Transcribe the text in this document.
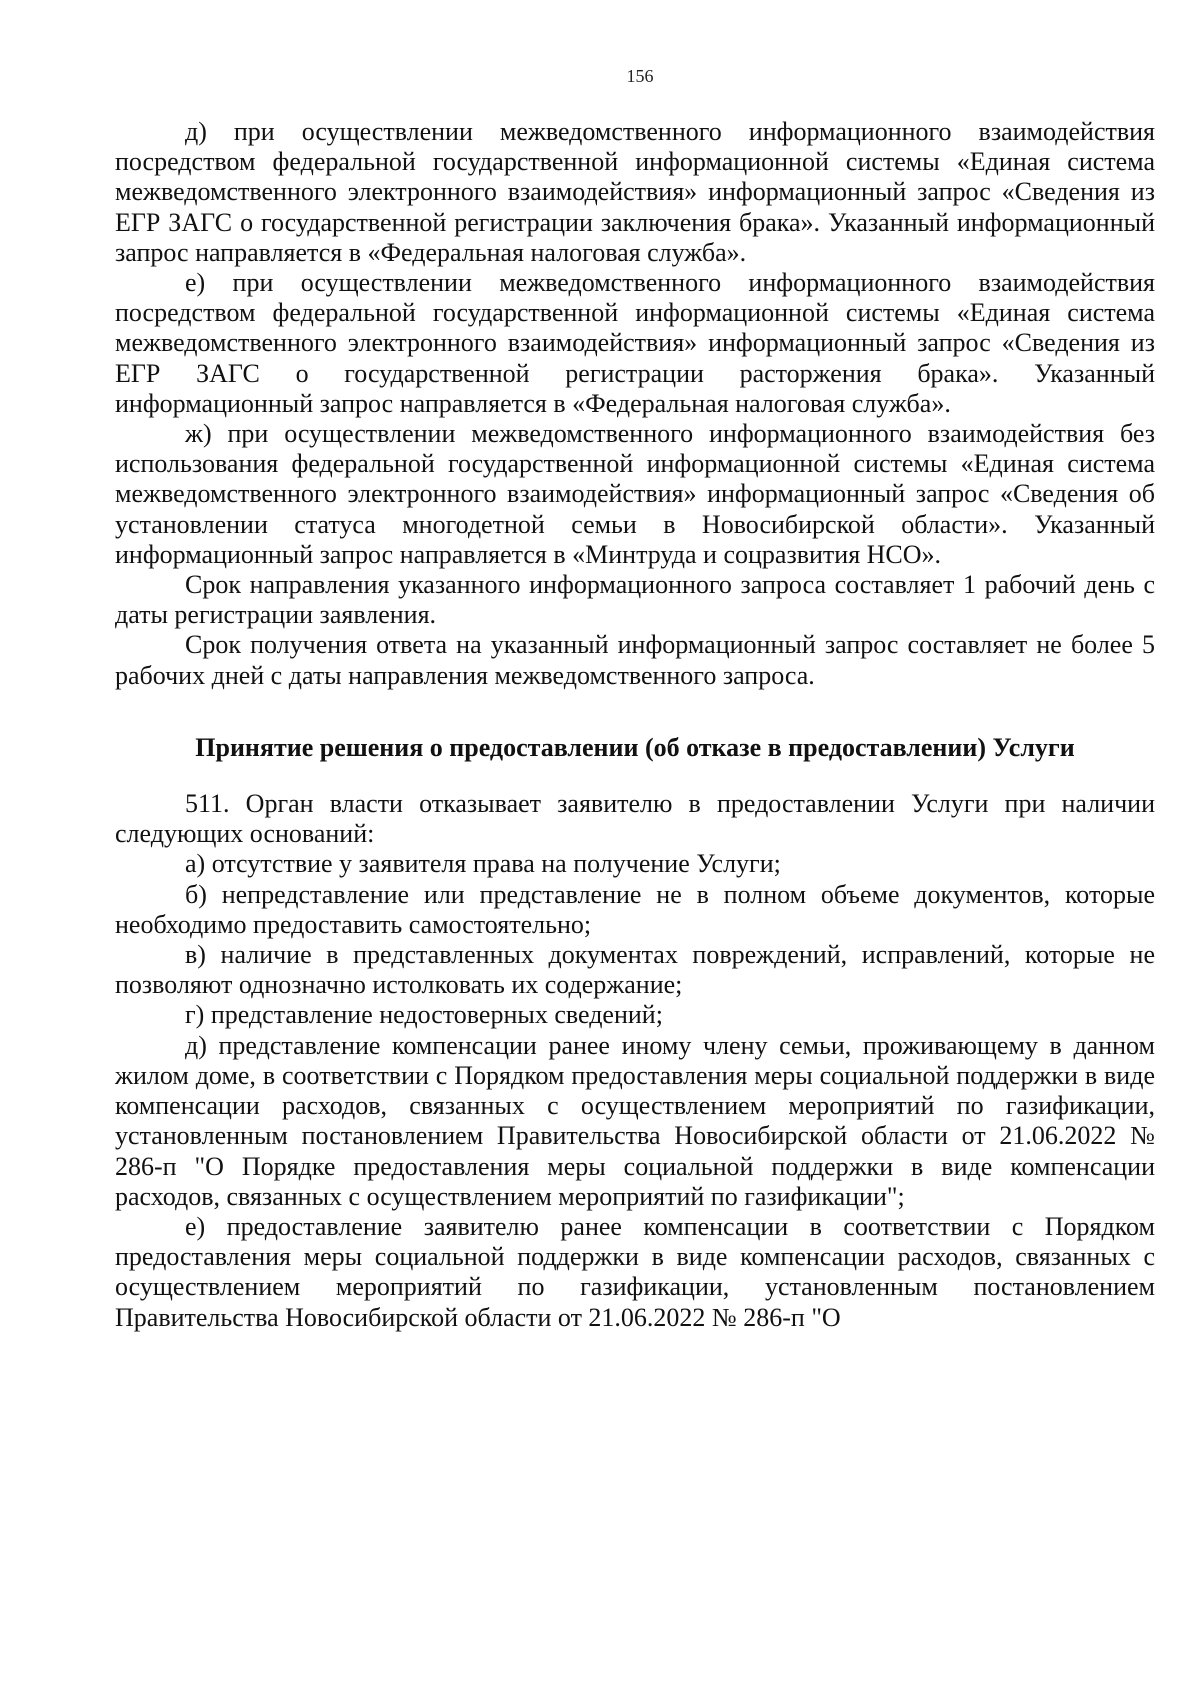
156

д) при осуществлении межведомственного информационного взаимодействия посредством федеральной государственной информационной системы «Единая система межведомственного электронного взаимодействия» информационный запрос «Сведения из ЕГР ЗАГС о государственной регистрации заключения брака». Указанный информационный запрос направляется в «Федеральная налоговая служба».

е) при осуществлении межведомственного информационного взаимодействия посредством федеральной государственной информационной системы «Единая система межведомственного электронного взаимодействия» информационный запрос «Сведения из ЕГР ЗАГС о государственной регистрации расторжения брака». Указанный информационный запрос направляется в «Федеральная налоговая служба».

ж) при осуществлении межведомственного информационного взаимодействия без использования федеральной государственной информационной системы «Единая система межведомственного электронного взаимодействия» информационный запрос «Сведения об установлении статуса многодетной семьи в Новосибирской области». Указанный информационный запрос направляется в «Минтруда и соцразвития НСО».

Срок направления указанного информационного запроса составляет 1 рабочий день с даты регистрации заявления.

Срок получения ответа на указанный информационный запрос составляет не более 5 рабочих дней с даты направления межведомственного запроса.

Принятие решения о предоставлении (об отказе в предоставлении) Услуги

511. Орган власти отказывает заявителю в предоставлении Услуги при наличии следующих оснований:

а) отсутствие у заявителя права на получение Услуги;

б) непредставление или представление не в полном объеме документов, которые необходимо предоставить самостоятельно;

в) наличие в представленных документах повреждений, исправлений, которые не позволяют однозначно истолковать их содержание;

г) представление недостоверных сведений;

д) представление компенсации ранее иному члену семьи, проживающему в данном жилом доме, в соответствии с Порядком предоставления меры социальной поддержки в виде компенсации расходов, связанных с осуществлением мероприятий по газификации, установленным постановлением Правительства Новосибирской области от 21.06.2022 № 286-п "О Порядке предоставления меры социальной поддержки в виде компенсации расходов, связанных с осуществлением мероприятий по газификации";

е) предоставление заявителю ранее компенсации в соответствии с Порядком предоставления меры социальной поддержки в виде компенсации расходов, связанных с осуществлением мероприятий по газификации, установленным постановлением Правительства Новосибирской области от 21.06.2022 № 286-п "О
